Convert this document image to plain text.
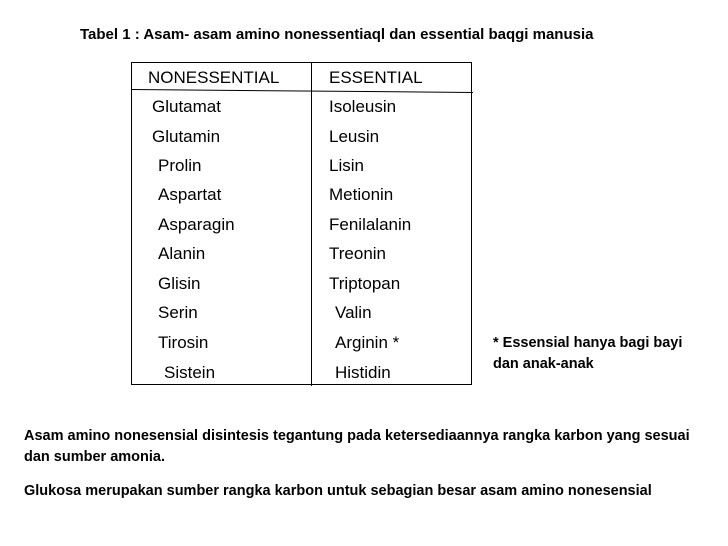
Tabel 1 : Asam- asam amino nonessentiaql dan essential baqgi manusia
NONESSENTIAL	ESSENTIAL
Glutamat
Glutamin
Prolin
Aspartat
Asparagin
Alanin
Glisin
Serin
Tirosin
Sistein
Isoleusin
Leusin
Lisin
Metionin
Fenilalanin
Treonin
Triptopan
Valin
Arginin *
Histidin
* Essensial hanya bagi bayi dan anak-anak
Asam amino nonesensial disintesis tegantung pada ketersediaannya rangka karbon yang sesuai dan sumber amonia.
Glukosa merupakan sumber rangka karbon untuk sebagian besar asam amino nonesensial
